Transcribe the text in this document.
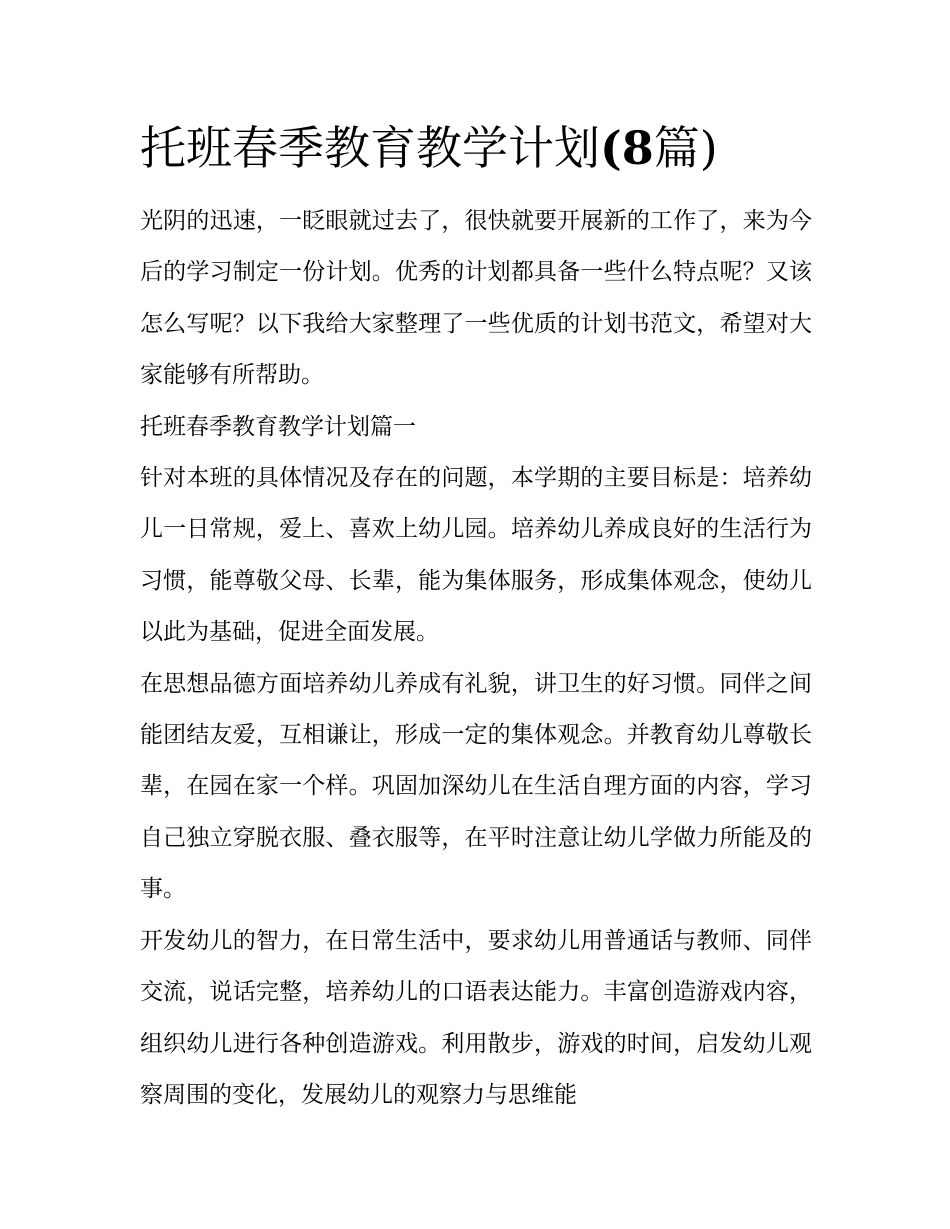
托班春季教育教学计划(8篇)

光阴的迅速，一眨眼就过去了，很快就要开展新的工作了，来为今后的学习制定一份计划。优秀的计划都具备一些什么特点呢？又该怎么写呢？以下我给大家整理了一些优质的计划书范文，希望对大家能够有所帮助。

托班春季教育教学计划篇一

针对本班的具体情况及存在的问题，本学期的主要目标是：培养幼儿一日常规，爱上、喜欢上幼儿园。培养幼儿养成良好的生活行为习惯，能尊敬父母、长辈，能为集体服务，形成集体观念，使幼儿以此为基础，促进全面发展。

在思想品德方面培养幼儿养成有礼貌，讲卫生的好习惯。同伴之间能团结友爱，互相谦让，形成一定的集体观念。并教育幼儿尊敬长辈，在园在家一个样。巩固加深幼儿在生活自理方面的内容，学习自己独立穿脱衣服、叠衣服等，在平时注意让幼儿学做力所能及的事。

开发幼儿的智力，在日常生活中，要求幼儿用普通话与教师、同伴交流，说话完整，培养幼儿的口语表达能力。丰富创造游戏内容，组织幼儿进行各种创造游戏。利用散步，游戏的时间，启发幼儿观察周围的变化，发展幼儿的观察力与思维能
